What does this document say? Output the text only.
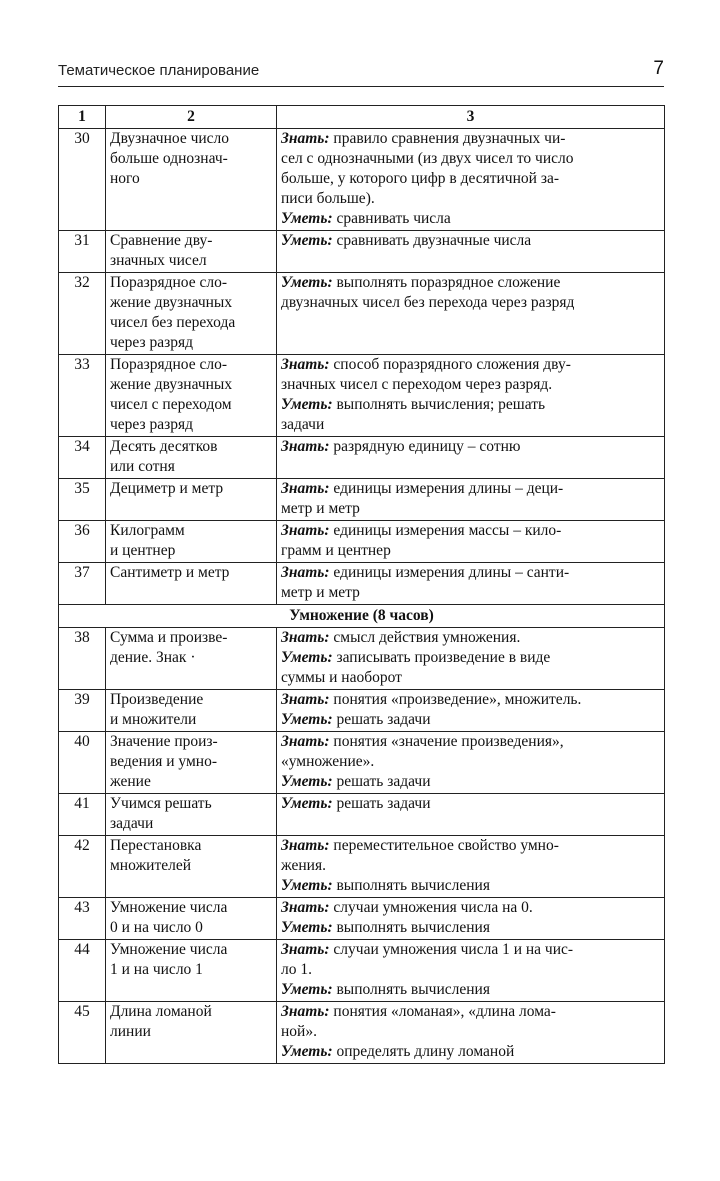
Тематическое планирование	7
1	2	3
30	Двузначное число
больше однознач-
ного	Знать: правило сравнения двузначных чи-
сел с однозначными (из двух чисел то число
больше, у которого цифр в десятичной за-
писи больше).
Уметь: сравнивать числа

31	Сравнение дву-
значных чисел	Уметь: сравнивать двузначные числа

32	Поразрядное сло-
жение двузначных
чисел без перехода
через разряд	Уметь: выполнять поразрядное сложение
двузначных чисел без перехода через разряд

33	Поразрядное сло-
жение двузначных
чисел с переходом
через разряд	Знать: способ поразрядного сложения дву-
значных чисел с переходом через разряд.
Уметь: выполнять вычисления; решать
задачи

34	Десять десятков
или сотня	Знать: разрядную единицу – сотню

35	Дециметр и метр	Знать: единицы измерения длины – деци-
метр и метр

36	Килограмм
и центнер	Знать: единицы измерения массы – кило-
грамм и центнер

37	Сантиметр и метр	Знать: единицы измерения длины – санти-
метр и метр

Умножение (8 часов)		
38	Сумма и произве-
дение. Знак ·	Знать: смысл действия умножения.
Уметь: записывать произведение в виде
суммы и наоборот

39	Произведение
и множители	Знать: понятия «произведение», множитель.
Уметь: решать задачи

40	Значение произ-
ведения и умно-
жение	Знать: понятия «значение произведения»,
«умножение».
Уметь: решать задачи

41	Учимся решать
задачи	Уметь: решать задачи

42	Перестановка
множителей	Знать: переместительное свойство умно-
жения.
Уметь: выполнять вычисления

43	Умножение числа
0 и на число 0	Знать: случаи умножения числа на 0.
Уметь: выполнять вычисления

44	Умножение числа
1 и на число 1	Знать: случаи умножения числа 1 и на чис-
ло 1.
Уметь: выполнять вычисления

45	Длина ломаной
линии	Знать: понятия «ломаная», «длина лома-
ной».
Уметь: определять длину ломаной
